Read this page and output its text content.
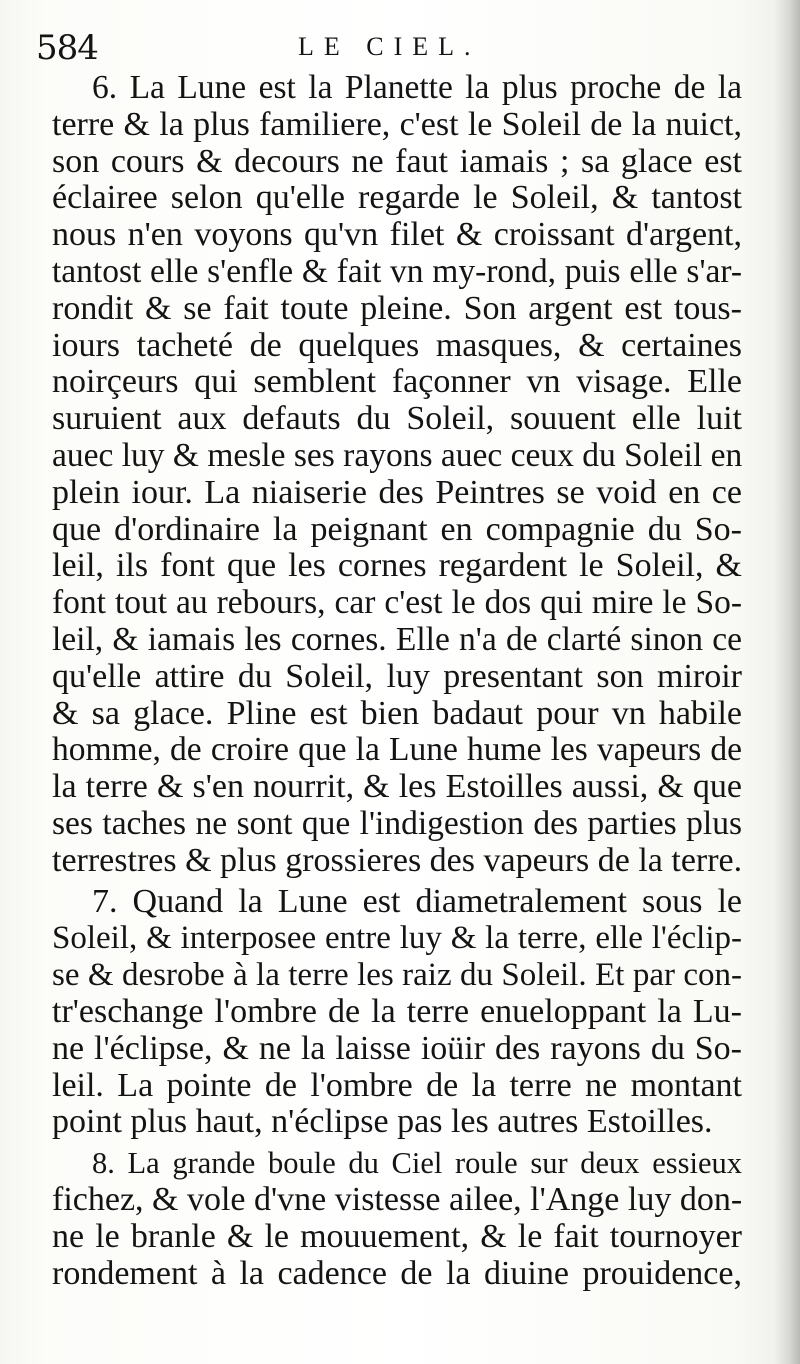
584	LE CIEL.
6. La Lune est la Planette la plus proche de la
terre & la plus familiere, c'est le Soleil de la nuict,
son cours & decours ne faut iamais ; sa glace est
éclairee selon qu'elle regarde le Soleil, & tantost
nous n'en voyons qu'vn filet & croissant d'argent,
tantost elle s'enfle & fait vn my-rond, puis elle s'ar-
rondit & se fait toute pleine. Son argent est tous-
iours tacheté de quelques masques, & certaines
noirçeurs qui semblent façonner vn visage. Elle
suruient aux defauts du Soleil, souuent elle luit
auec luy & mesle ses rayons auec ceux du Soleil en
plein iour. La niaiserie des Peintres se void en ce
que d'ordinaire la peignant en compagnie du So-
leil, ils font que les cornes regardent le Soleil, &
font tout au rebours, car c'est le dos qui mire le So-
leil, & iamais les cornes. Elle n'a de clarté sinon ce
qu'elle attire du Soleil, luy presentant son miroir
& sa glace. Pline est bien badaut pour vn habile
homme, de croire que la Lune hume les vapeurs de
la terre & s'en nourrit, & les Estoilles aussi, & que
ses taches ne sont que l'indigestion des parties plus
terrestres & plus grossieres des vapeurs de la terre.
7. Quand la Lune est diametralement sous le
Soleil, & interposee entre luy & la terre, elle l'éclip-
se & desrobe à la terre les raiz du Soleil. Et par con-
tr'eschange l'ombre de la terre enueloppant la Lu-
ne l'éclipse, & ne la laisse ioüir des rayons du So-
leil. La pointe de l'ombre de la terre ne montant
point plus haut, n'éclipse pas les autres Estoilles.
8. La grande boule du Ciel roule sur deux essieux
fichez, & vole d'vne vistesse ailee, l'Ange luy don-
ne le branle & le mouuement, & le fait tournoyer
rondement à la cadence de la diuine prouidence,
